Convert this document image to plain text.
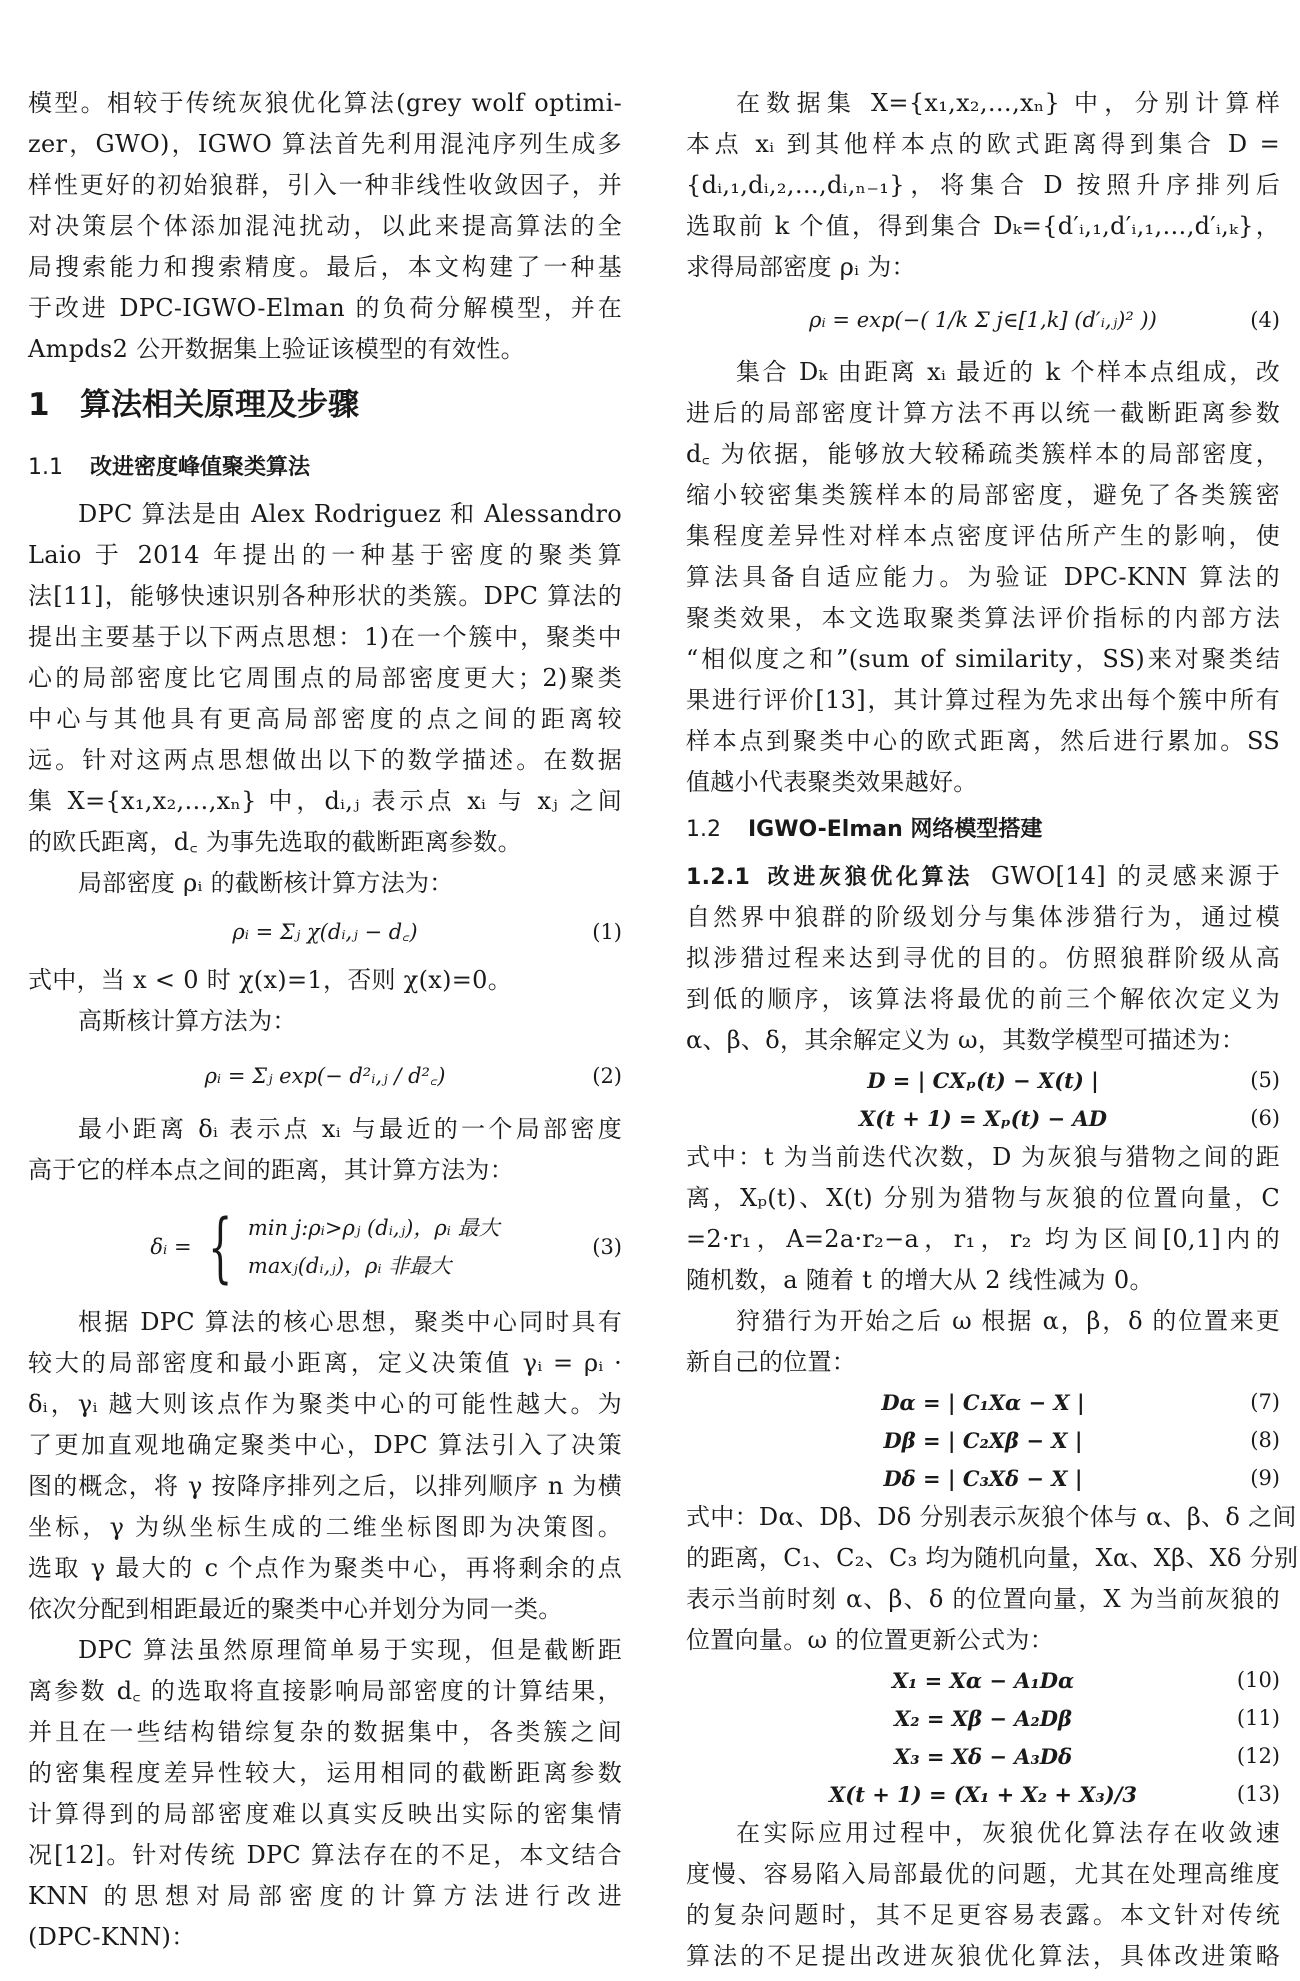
模型。相较于传统灰狼优化算法(grey wolf optimi-
zer，GWO)，IGWO 算法首先利用混沌序列生成多
样性更好的初始狼群，引入一种非线性收敛因子，并
对决策层个体添加混沌扰动，以此来提高算法的全
局搜索能力和搜索精度。最后，本文构建了一种基
于改进 DPC-IGWO-Elman 的负荷分解模型，并在
Ampds2 公开数据集上验证该模型的有效性。
1 算法相关原理及步骤
1.1 改进密度峰值聚类算法
DPC 算法是由 Alex Rodriguez 和 Alessandro
Laio 于 2014 年提出的一种基于密度的聚类算
法[11]，能够快速识别各种形状的类簇。DPC 算法的
提出主要基于以下两点思想：1)在一个簇中，聚类中
心的局部密度比它周围点的局部密度更大；2)聚类
中心与其他具有更高局部密度的点之间的距离较
远。针对这两点思想做出以下的数学描述。在数据
集 X={x₁,x₂,…,xₙ} 中，dᵢ,ⱼ 表示点 xᵢ 与 xⱼ 之间
的欧氏距离，d꜀ 为事先选取的截断距离参数。
局部密度 ρᵢ 的截断核计算方法为：
ρᵢ = Σⱼ χ(dᵢ,ⱼ − d꜀)	(1)
式中，当 x < 0 时 χ(x)=1，否则 χ(x)=0。
高斯核计算方法为：
ρᵢ = Σⱼ exp(− d²ᵢ,ⱼ / d²꜀)	(2)
最小距离 δᵢ 表示点 xᵢ 与最近的一个局部密度
高于它的样本点之间的距离，其计算方法为：
δᵢ = { min j:ρᵢ>ρⱼ (dᵢ,ⱼ)，ρᵢ 最大
maxⱼ(dᵢ,ⱼ)，ρᵢ 非最大
(3)
根据 DPC 算法的核心思想，聚类中心同时具有
较大的局部密度和最小距离，定义决策值 γᵢ = ρᵢ ·
δᵢ，γᵢ 越大则该点作为聚类中心的可能性越大。为
了更加直观地确定聚类中心，DPC 算法引入了决策
图的概念，将 γ 按降序排列之后，以排列顺序 n 为横
坐标，γ 为纵坐标生成的二维坐标图即为决策图。
选取 γ 最大的 c 个点作为聚类中心，再将剩余的点
依次分配到相距最近的聚类中心并划分为同一类。
DPC 算法虽然原理简单易于实现，但是截断距
离参数 d꜀ 的选取将直接影响局部密度的计算结果，
并且在一些结构错综复杂的数据集中，各类簇之间
的密集程度差异性较大，运用相同的截断距离参数
计算得到的局部密度难以真实反映出实际的密集情
况[12]。针对传统 DPC 算法存在的不足，本文结合
KNN 的思想对局部密度的计算方法进行改进
(DPC-KNN)：
在数据集 X={x₁,x₂,…,xₙ} 中，分别计算样
本点 xᵢ 到其他样本点的欧式距离得到集合 D =
{dᵢ,₁,dᵢ,₂,…,dᵢ,ₙ₋₁}，将集合 D 按照升序排列后
选取前 k 个值，得到集合 Dₖ={d′ᵢ,₁,d′ᵢ,₁,…,d′ᵢ,ₖ}，
求得局部密度 ρᵢ 为：
ρᵢ = exp(−( 1/k Σ j∈[1,k] (d′ᵢ,ⱼ)² ))	(4)
集合 Dₖ 由距离 xᵢ 最近的 k 个样本点组成，改
进后的局部密度计算方法不再以统一截断距离参数
d꜀ 为依据，能够放大较稀疏类簇样本的局部密度，
缩小较密集类簇样本的局部密度，避免了各类簇密
集程度差异性对样本点密度评估所产生的影响，使
算法具备自适应能力。为验证 DPC-KNN 算法的
聚类效果，本文选取聚类算法评价指标的内部方法
“相似度之和”(sum of similarity，SS)来对聚类结
果进行评价[13]，其计算过程为先求出每个簇中所有
样本点到聚类中心的欧式距离，然后进行累加。SS
值越小代表聚类效果越好。
1.2 IGWO-Elman 网络模型搭建
1.2.1 改进灰狼优化算法 GWO[14] 的灵感来源于
自然界中狼群的阶级划分与集体涉猎行为，通过模
拟涉猎过程来达到寻优的目的。仿照狼群阶级从高
到低的顺序，该算法将最优的前三个解依次定义为
α、β、δ，其余解定义为 ω，其数学模型可描述为：
D = | CXₚ(t) − X(t) |	(5)
X(t + 1) = Xₚ(t) − AD	(6)
式中：t 为当前迭代次数，D 为灰狼与猎物之间的距
离，Xₚ(t)、X(t) 分别为猎物与灰狼的位置向量，C
=2·r₁，A=2a·r₂−a，r₁，r₂ 均为区间[0,1]内的
随机数，a 随着 t 的增大从 2 线性减为 0。
狩猎行为开始之后 ω 根据 α，β，δ 的位置来更
新自己的位置：
Dα = | C₁Xα − X |	(7)
Dβ = | C₂Xβ − X |	(8)
Dδ = | C₃Xδ − X |	(9)
式中：Dα、Dβ、Dδ 分别表示灰狼个体与 α、β、δ 之间
的距离，C₁、C₂、C₃ 均为随机向量，Xα、Xβ、Xδ 分别
表示当前时刻 α、β、δ 的位置向量，X 为当前灰狼的
位置向量。ω 的位置更新公式为：
X₁ = Xα − A₁Dα	(10)
X₂ = Xβ − A₂Dβ	(11)
X₃ = Xδ − A₃Dδ	(12)
X(t + 1) = (X₁ + X₂ + X₃)/3	(13)
在实际应用过程中，灰狼优化算法存在收敛速
度慢、容易陷入局部最优的问题，尤其在处理高维度
的复杂问题时，其不足更容易表露。本文针对传统
算法的不足提出改进灰狼优化算法，具体改进策略
